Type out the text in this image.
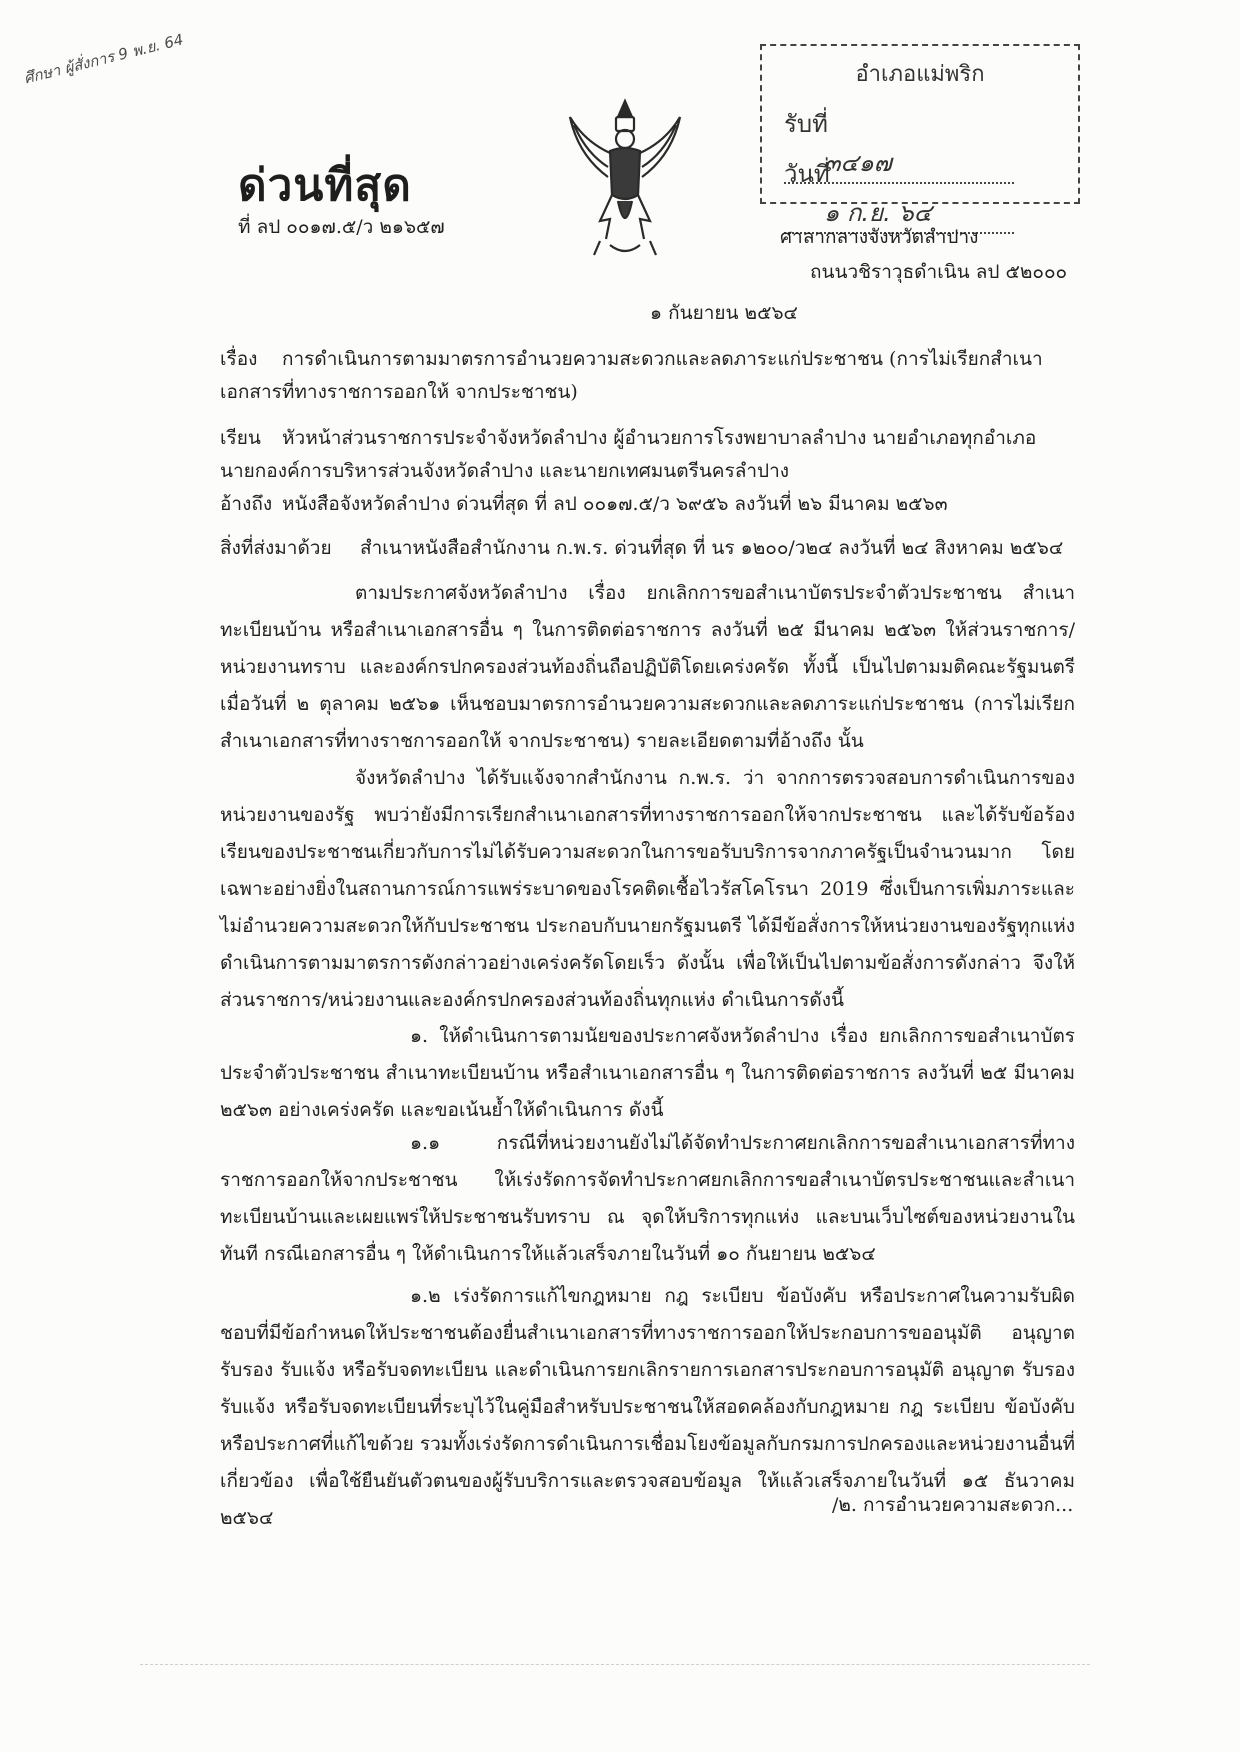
ศึกษา ผู้สั่งการ 9 พ.ย. 64
ด่วนที่สุด
ที่ ลป ๐๐๑๗.๕/ว ๒๑๖๕๗
อำเภอแม่พริก
รับที่๓๔๑๗
วันที่๑ ก.ย. ๖๔
ศาลากลางจังหวัดลำปาง
ถนนวชิราวุธดำเนิน ลป ๕๒๐๐๐
๑ กันยายน ๒๕๖๔
เรื่อง การดำเนินการตามมาตรการอำนวยความสะดวกและลดภาระแก่ประชาชน (การไม่เรียกสำเนาเอกสารที่ทางราชการออกให้ จากประชาชน)
เรียน หัวหน้าส่วนราชการประจำจังหวัดลำปาง ผู้อำนวยการโรงพยาบาลลำปาง นายอำเภอทุกอำเภอ นายกองค์การบริหารส่วนจังหวัดลำปาง และนายกเทศมนตรีนครลำปาง
อ้างถึง หนังสือจังหวัดลำปาง ด่วนที่สุด ที่ ลป ๐๐๑๗.๕/ว ๖๙๕๖ ลงวันที่ ๒๖ มีนาคม ๒๕๖๓
สิ่งที่ส่งมาด้วย สำเนาหนังสือสำนักงาน ก.พ.ร. ด่วนที่สุด ที่ นร ๑๒๐๐/ว๒๔ ลงวันที่ ๒๔ สิงหาคม ๒๕๖๔
ตามประกาศจังหวัดลำปาง เรื่อง ยกเลิกการขอสำเนาบัตรประจำตัวประชาชน สำเนาทะเบียนบ้าน หรือสำเนาเอกสารอื่น ๆ ในการติดต่อราชการ ลงวันที่ ๒๕ มีนาคม ๒๕๖๓ ให้ส่วนราชการ/หน่วยงานทราบ และองค์กรปกครองส่วนท้องถิ่นถือปฏิบัติโดยเคร่งครัด ทั้งนี้ เป็นไปตามมติคณะรัฐมนตรี เมื่อวันที่ ๒ ตุลาคม ๒๕๖๑ เห็นชอบมาตรการอำนวยความสะดวกและลดภาระแก่ประชาชน (การไม่เรียกสำเนาเอกสารที่ทางราชการออกให้ จากประชาชน) รายละเอียดตามที่อ้างถึง นั้น
จังหวัดลำปาง ได้รับแจ้งจากสำนักงาน ก.พ.ร. ว่า จากการตรวจสอบการดำเนินการของหน่วยงานของรัฐ พบว่ายังมีการเรียกสำเนาเอกสารที่ทางราชการออกให้จากประชาชน และได้รับข้อร้องเรียนของประชาชนเกี่ยวกับการไม่ได้รับความสะดวกในการขอรับบริการจากภาครัฐเป็นจำนวนมาก โดยเฉพาะอย่างยิ่งในสถานการณ์การแพร่ระบาดของโรคติดเชื้อไวรัสโคโรนา 2019 ซึ่งเป็นการเพิ่มภาระและไม่อำนวยความสะดวกให้กับประชาชน ประกอบกับนายกรัฐมนตรี ได้มีข้อสั่งการให้หน่วยงานของรัฐทุกแห่งดำเนินการตามมาตรการดังกล่าวอย่างเคร่งครัดโดยเร็ว ดังนั้น เพื่อให้เป็นไปตามข้อสั่งการดังกล่าว จึงให้ส่วนราชการ/หน่วยงานและองค์กรปกครองส่วนท้องถิ่นทุกแห่ง ดำเนินการดังนี้
๑. ให้ดำเนินการตามนัยของประกาศจังหวัดลำปาง เรื่อง ยกเลิกการขอสำเนาบัตรประจำตัวประชาชน สำเนาทะเบียนบ้าน หรือสำเนาเอกสารอื่น ๆ ในการติดต่อราชการ ลงวันที่ ๒๕ มีนาคม ๒๕๖๓ อย่างเคร่งครัด และขอเน้นย้ำให้ดำเนินการ ดังนี้
๑.๑ กรณีที่หน่วยงานยังไม่ได้จัดทำประกาศยกเลิกการขอสำเนาเอกสารที่ทางราชการออกให้จากประชาชน ให้เร่งรัดการจัดทำประกาศยกเลิกการขอสำเนาบัตรประชาชนและสำเนาทะเบียนบ้านและเผยแพร่ให้ประชาชนรับทราบ ณ จุดให้บริการทุกแห่ง และบนเว็บไซต์ของหน่วยงานในทันที กรณีเอกสารอื่น ๆ ให้ดำเนินการให้แล้วเสร็จภายในวันที่ ๑๐ กันยายน ๒๕๖๔
๑.๒ เร่งรัดการแก้ไขกฎหมาย กฎ ระเบียบ ข้อบังคับ หรือประกาศในความรับผิดชอบที่มีข้อกำหนดให้ประชาชนต้องยื่นสำเนาเอกสารที่ทางราชการออกให้ประกอบการขออนุมัติ อนุญาต รับรอง รับแจ้ง หรือรับจดทะเบียน และดำเนินการยกเลิกรายการเอกสารประกอบการอนุมัติ อนุญาต รับรอง รับแจ้ง หรือรับจดทะเบียนที่ระบุไว้ในคู่มือสำหรับประชาชนให้สอดคล้องกับกฎหมาย กฎ ระเบียบ ข้อบังคับ หรือประกาศที่แก้ไขด้วย รวมทั้งเร่งรัดการดำเนินการเชื่อมโยงข้อมูลกับกรมการปกครองและหน่วยงานอื่นที่เกี่ยวข้อง เพื่อใช้ยืนยันตัวตนของผู้รับบริการและตรวจสอบข้อมูล ให้แล้วเสร็จภายในวันที่ ๑๕ ธันวาคม ๒๕๖๔
/๒. การอำนวยความสะดวก...
